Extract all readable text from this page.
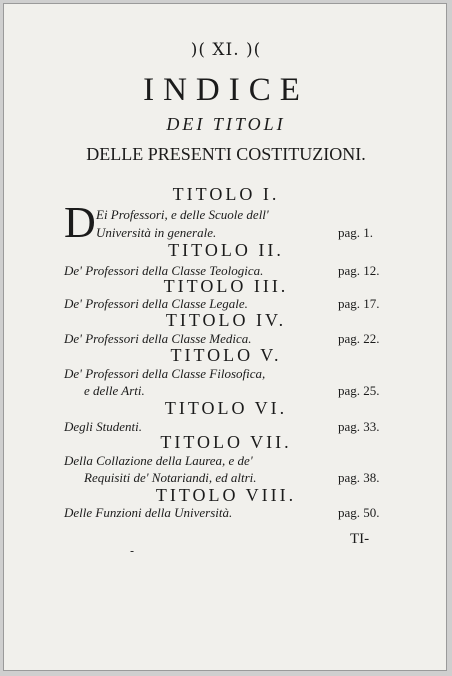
)( XI. )(
INDICE
DEI TITOLI
DELLE PRESENTI COSTITUZIONI.
TITOLO I.
D Ei Professori, e delle Scuole dell'
Università in generale.	pag. 1.
TITOLO II.
De' Professori della Classe Teologica.	pag. 12.
TITOLO III.
De' Professori della Classe Legale.	pag. 17.
TITOLO IV.
De' Professori della Classe Medica.	pag. 22.
TITOLO V.
De' Professori della Classe Filosofica,
e delle Arti.	pag. 25.
TITOLO VI.
Degli Studenti.	pag. 33.
TITOLO VII.
Della Collazione della Laurea, e de'
Requisiti de' Notariandi, ed altri.	pag. 38.
TITOLO VIII.
Delle Funzioni della Università.	pag. 50.
-
TI-
